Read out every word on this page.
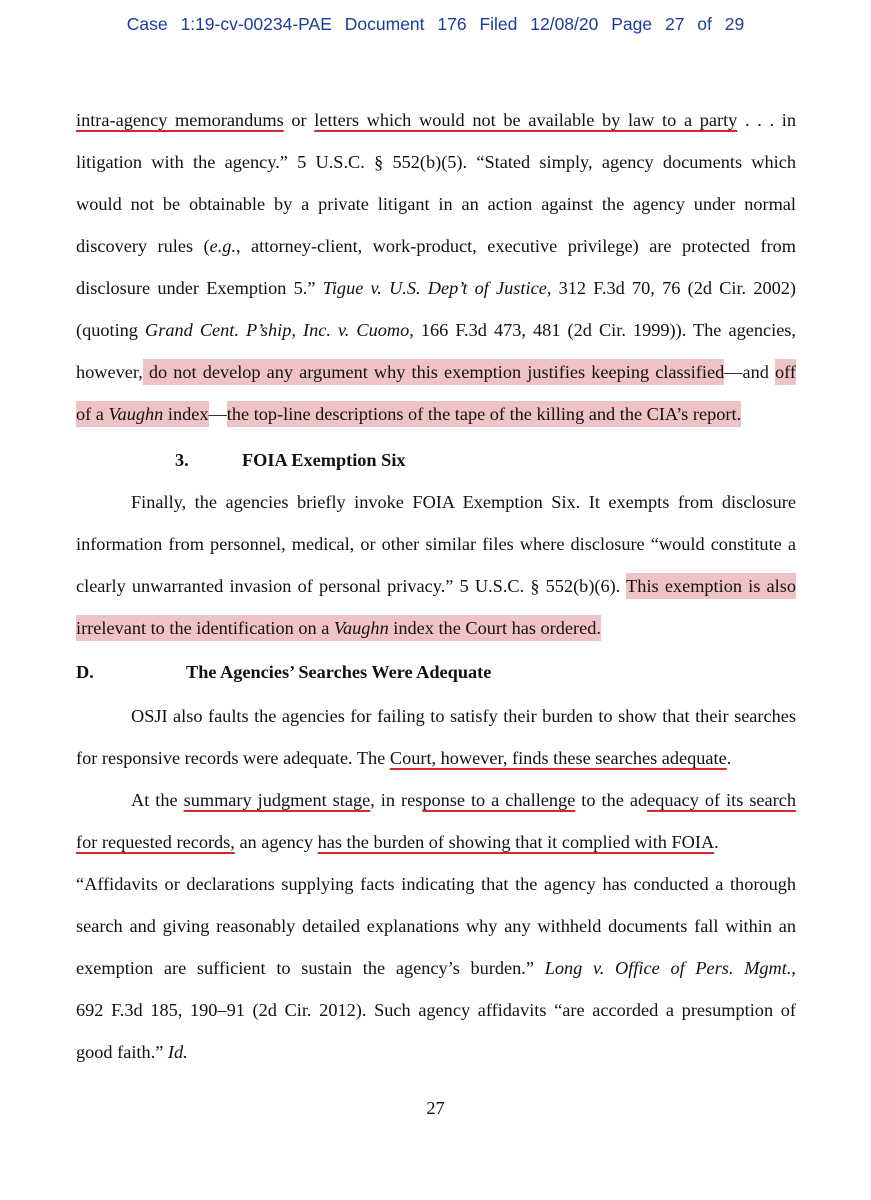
Case 1:19-cv-00234-PAE Document 176 Filed 12/08/20 Page 27 of 29
intra-agency memorandums or letters which would not be available by law to a party . . . in
litigation with the agency.” 5 U.S.C. § 552(b)(5). “Stated simply, agency documents which
would not be obtainable by a private litigant in an action against the agency under normal
discovery rules (e.g., attorney-client, work-product, executive privilege) are protected from
disclosure under Exemption 5.” Tigue v. U.S. Dep’t of Justice, 312 F.3d 70, 76 (2d Cir. 2002)
(quoting Grand Cent. P’ship, Inc. v. Cuomo, 166 F.3d 473, 481 (2d Cir. 1999)). The agencies,
however, do not develop any argument why this exemption justifies keeping classified—and off
of a Vaughn index—the top-line descriptions of the tape of the killing and the CIA’s report.
3.	FOIA Exemption Six
Finally, the agencies briefly invoke FOIA Exemption Six. It exempts from disclosure
information from personnel, medical, or other similar files where disclosure “would constitute a
clearly unwarranted invasion of personal privacy.” 5 U.S.C. § 552(b)(6). This exemption is also
irrelevant to the identification on a Vaughn index the Court has ordered.
D.	The Agencies’ Searches Were Adequate
OSJI also faults the agencies for failing to satisfy their burden to show that their searches
for responsive records were adequate. The Court, however, finds these searches adequate.
At the summary judgment stage, in response to a challenge to the adequacy of its search
for requested records, an agency has the burden of showing that it complied with FOIA.
“Affidavits or declarations supplying facts indicating that the agency has conducted a thorough
search and giving reasonably detailed explanations why any withheld documents fall within an
exemption are sufficient to sustain the agency’s burden.” Long v. Office of Pers. Mgmt.,
692 F.3d 185, 190–91 (2d Cir. 2012). Such agency affidavits “are accorded a presumption of
good faith.” Id.
27
